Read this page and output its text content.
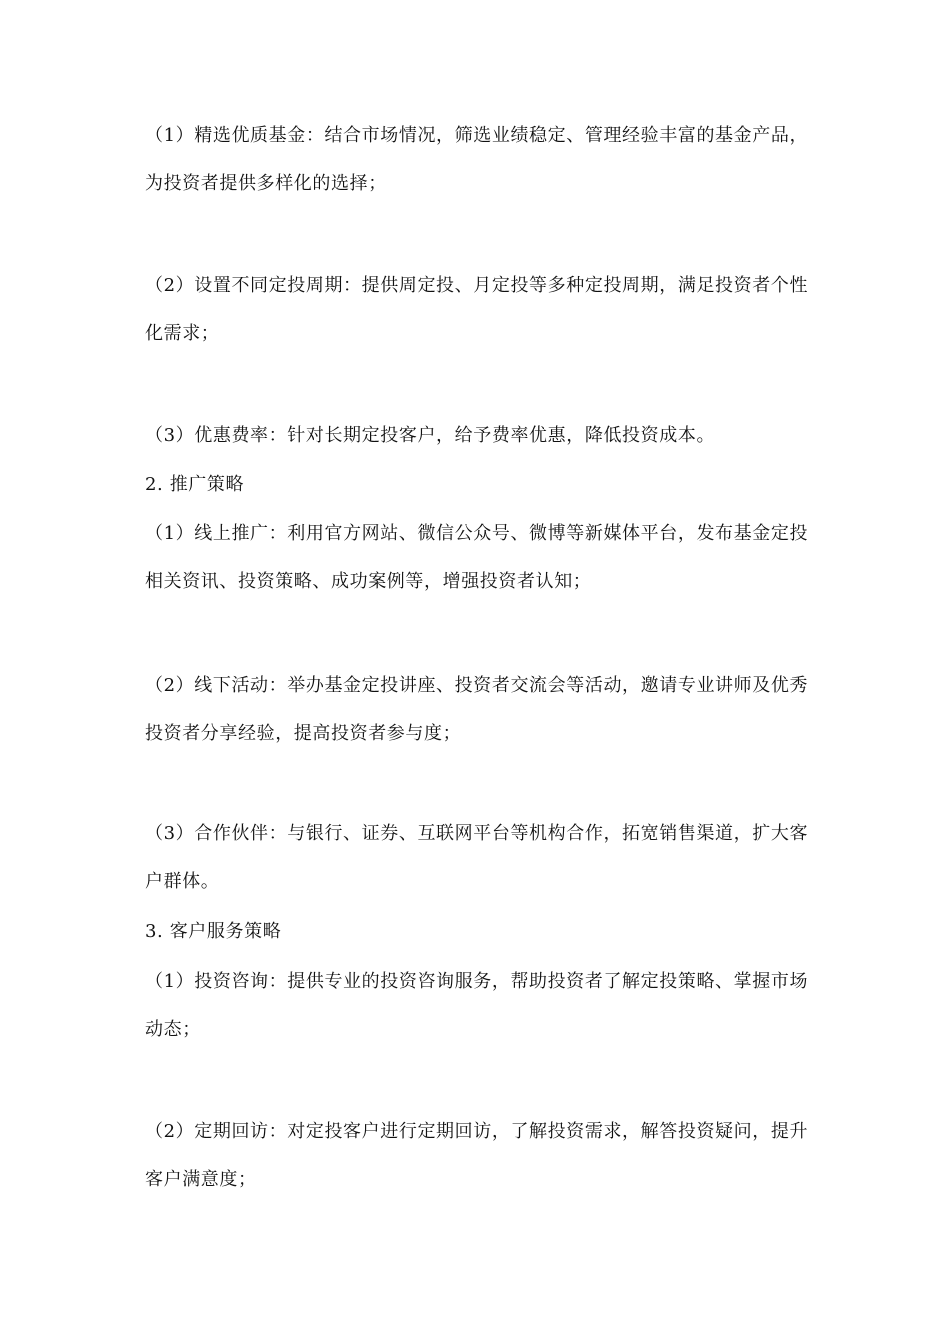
（1）精选优质基金：结合市场情况，筛选业绩稳定、管理经验丰富的基金产品，为投资者提供多样化的选择；

（2）设置不同定投周期：提供周定投、月定投等多种定投周期，满足投资者个性化需求；

（3）优惠费率：针对长期定投客户，给予费率优惠，降低投资成本。

2. 推广策略

（1）线上推广：利用官方网站、微信公众号、微博等新媒体平台，发布基金定投相关资讯、投资策略、成功案例等，增强投资者认知；

（2）线下活动：举办基金定投讲座、投资者交流会等活动，邀请专业讲师及优秀投资者分享经验，提高投资者参与度；

（3）合作伙伴：与银行、证券、互联网平台等机构合作，拓宽销售渠道，扩大客户群体。

3. 客户服务策略

（1）投资咨询：提供专业的投资咨询服务，帮助投资者了解定投策略、掌握市场动态；

（2）定期回访：对定投客户进行定期回访，了解投资需求，解答投资疑问，提升客户满意度；
